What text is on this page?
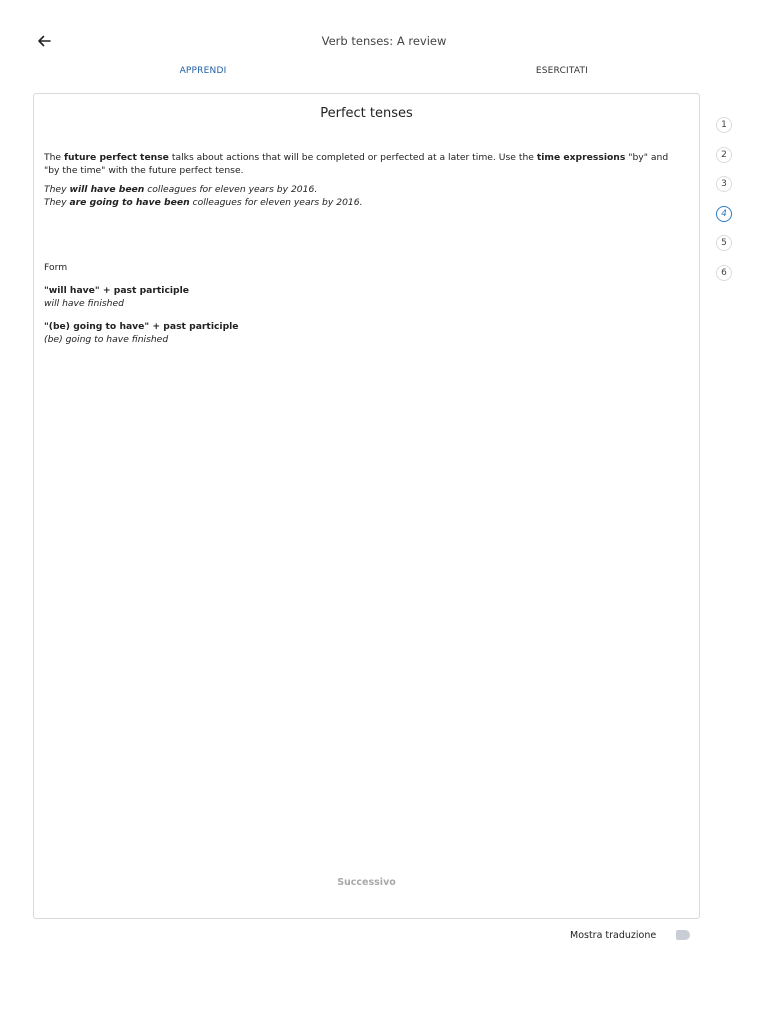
Verb tenses: A review
APPRENDI	ESERCITATI
Perfect tenses

The future perfect tense talks about actions that will be completed or perfected at a later time. Use the time expressions "by" and "by the time" with the future perfect tense.

They will have been colleagues for eleven years by 2016.

They are going to have been colleagues for eleven years by 2016.

Form

"will have" + past participle
will have finished
"(be) going to have" + past participle
(be) going to have finished
Successivo
1
2
3
4
5
6
Mostra traduzione
